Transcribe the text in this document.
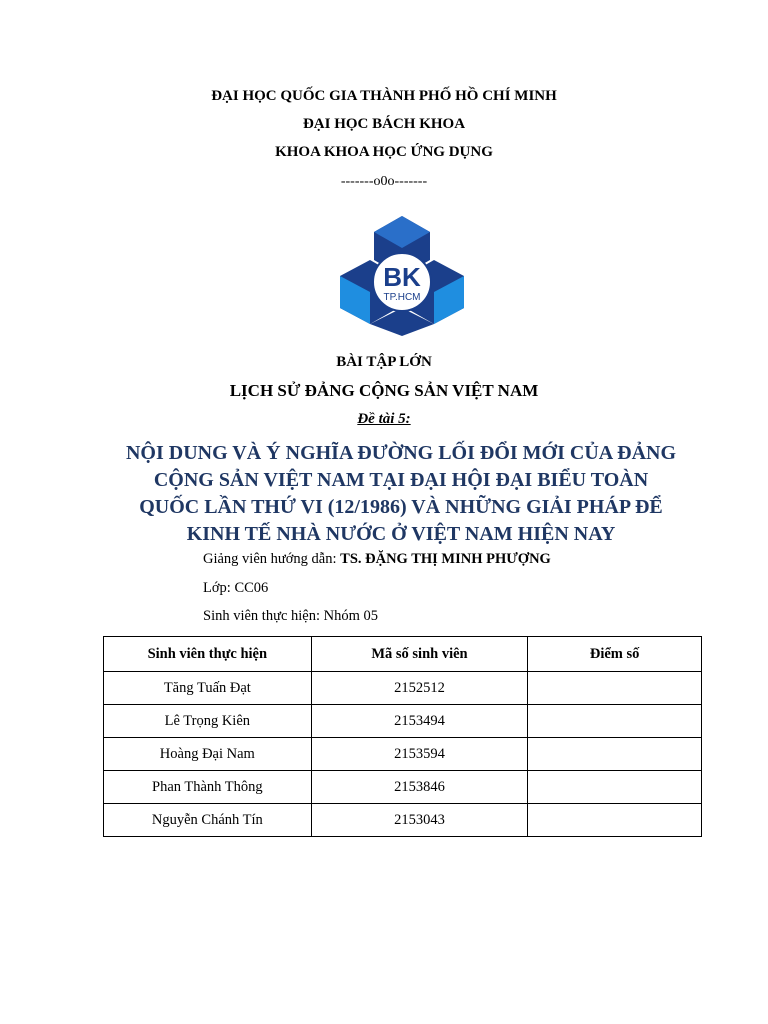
ĐẠI HỌC QUỐC GIA THÀNH PHỐ HỒ CHÍ MINH
ĐẠI HỌC BÁCH KHOA
KHOA KHOA HỌC ỨNG DỤNG
-------o0o-------
BK
TP.HCM
BÀI TẬP LỚN
LỊCH SỬ ĐẢNG CỘNG SẢN VIỆT NAM
Đề tài 5:
NỘI DUNG VÀ Ý NGHĨA ĐƯỜNG LỐI ĐỔI MỚI CỦA ĐẢNG
CỘNG SẢN VIỆT NAM TẠI ĐẠI HỘI ĐẠI BIỂU TOÀN
QUỐC LẦN THỨ VI (12/1986) VÀ NHỮNG GIẢI PHÁP ĐỂ
KINH TẾ NHÀ NƯỚC Ở VIỆT NAM HIỆN NAY
Giảng viên hướng dẫn: TS. ĐẶNG THỊ MINH PHƯỢNG
Lớp: CC06
Sinh viên thực hiện: Nhóm 05
Sinh viên thực hiện	Mã số sinh viên	Điểm số
Tăng Tuấn Đạt	2152512	
Lê Trọng Kiên	2153494	
Hoàng Đại Nam	2153594	
Phan Thành Thông	2153846	
Nguyễn Chánh Tín	2153043	
